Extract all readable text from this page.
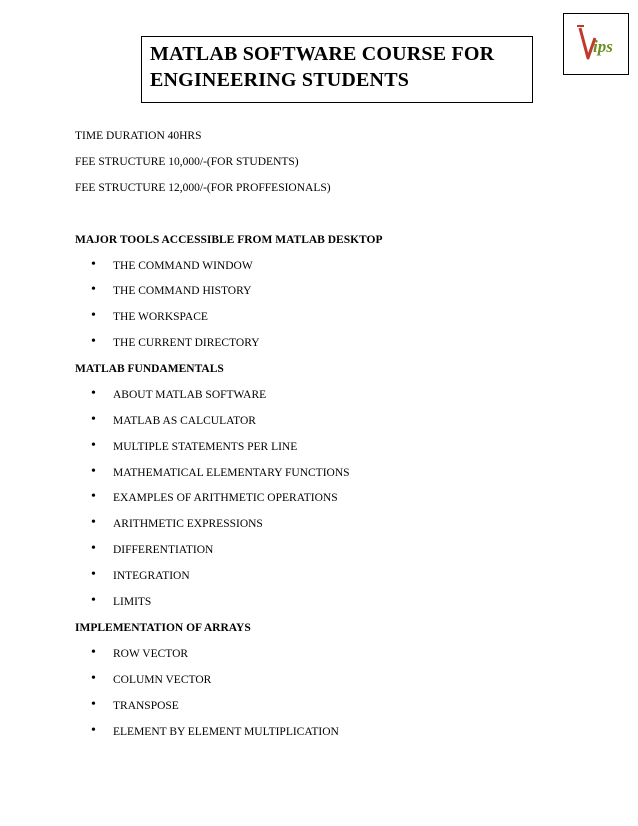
MATLAB SOFTWARE COURSE FOR
ENGINEERING STUDENTS
ips
TIME DURATION 40HRS
FEE STRUCTURE 10,000/-(FOR STUDENTS)
FEE STRUCTURE 12,000/-(FOR PROFFESIONALS)
MAJOR TOOLS ACCESSIBLE FROM MATLAB DESKTOP
• THE COMMAND WINDOW
• THE COMMAND HISTORY
• THE WORKSPACE
• THE CURRENT DIRECTORY
MATLAB FUNDAMENTALS
• ABOUT MATLAB SOFTWARE
• MATLAB AS CALCULATOR
• MULTIPLE STATEMENTS PER LINE
• MATHEMATICAL ELEMENTARY FUNCTIONS
• EXAMPLES OF ARITHMETIC OPERATIONS
• ARITHMETIC EXPRESSIONS
• DIFFERENTIATION
• INTEGRATION
• LIMITS
IMPLEMENTATION OF ARRAYS
• ROW VECTOR
• COLUMN VECTOR
• TRANSPOSE
• ELEMENT BY ELEMENT MULTIPLICATION
